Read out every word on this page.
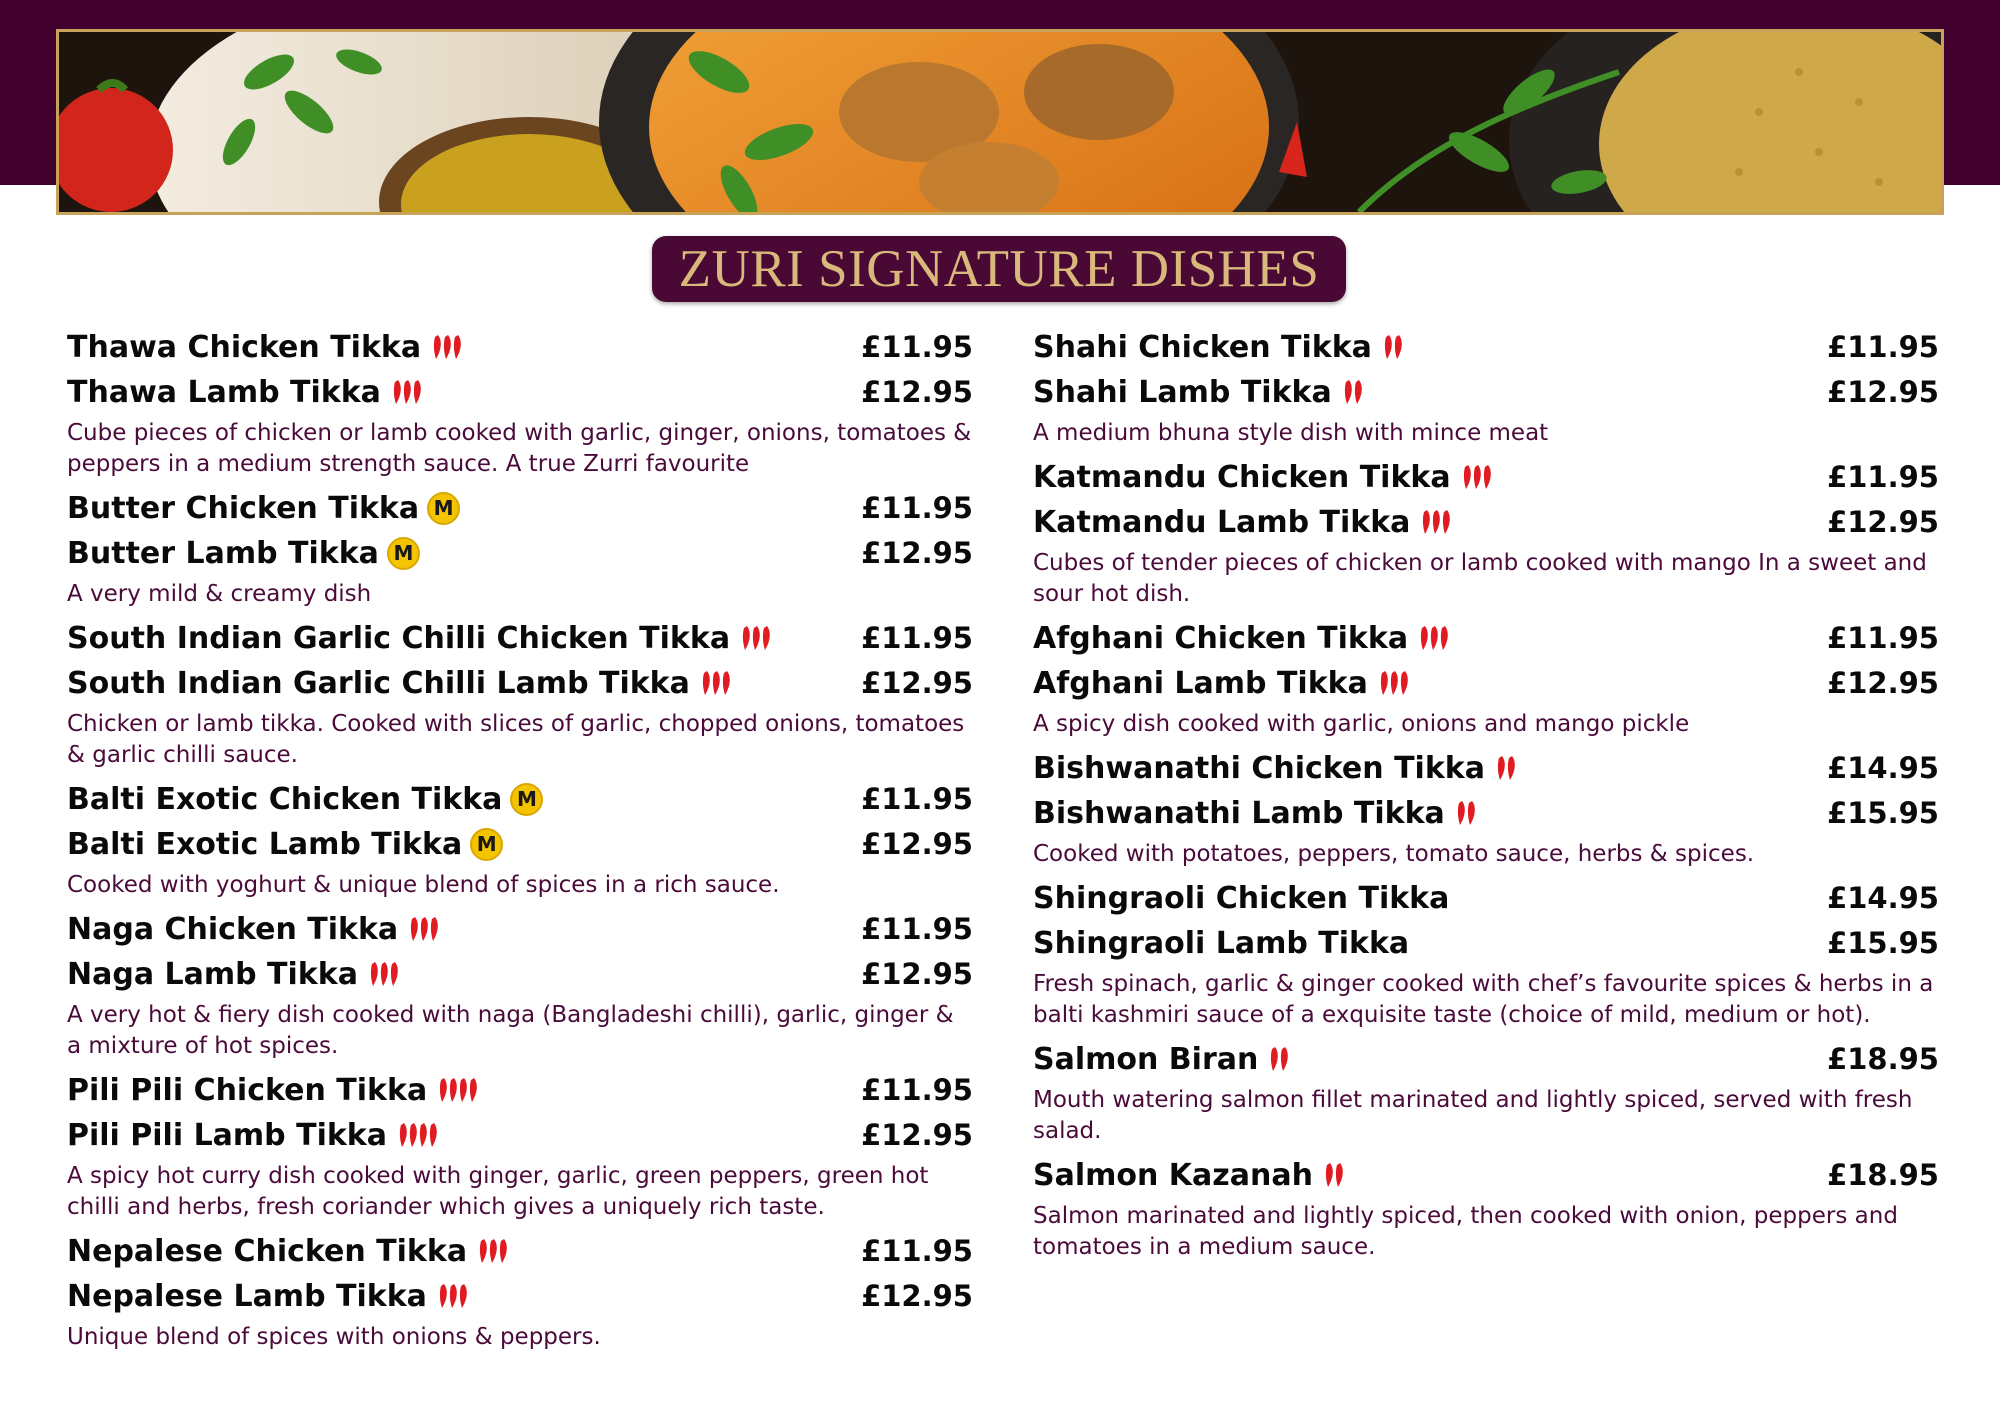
ZURI SIGNATURE DISHES
Thawa Chicken Tikka	£11.95
Thawa Lamb Tikka	£12.95
Cube pieces of chicken or lamb cooked with garlic, ginger, onions, tomatoes & peppers in a medium strength sauce. A true Zurri favourite
Butter Chicken Tikka M	£11.95
Butter Lamb Tikka M	£12.95
A very mild & creamy dish
South Indian Garlic Chilli Chicken Tikka	£11.95
South Indian Garlic Chilli Lamb Tikka	£12.95
Chicken or lamb tikka. Cooked with slices of garlic, chopped onions, tomatoes & garlic chilli sauce.
Balti Exotic Chicken Tikka M	£11.95
Balti Exotic Lamb Tikka M	£12.95
Cooked with yoghurt & unique blend of spices in a rich sauce.
Naga Chicken Tikka	£11.95
Naga Lamb Tikka	£12.95
A very hot & fiery dish cooked with naga (Bangladeshi chilli), garlic, ginger & a mixture of hot spices.
Pili Pili Chicken Tikka	£11.95
Pili Pili Lamb Tikka	£12.95
A spicy hot curry dish cooked with ginger, garlic, green peppers, green hot chilli and herbs, fresh coriander which gives a uniquely rich taste.
Nepalese Chicken Tikka	£11.95
Nepalese Lamb Tikka	£12.95
Unique blend of spices with onions & peppers.
Shahi Chicken Tikka	£11.95
Shahi Lamb Tikka	£12.95
A medium bhuna style dish with mince meat
Katmandu Chicken Tikka	£11.95
Katmandu Lamb Tikka	£12.95
Cubes of tender pieces of chicken or lamb cooked with mango In a sweet and sour hot dish.
Afghani Chicken Tikka	£11.95
Afghani Lamb Tikka	£12.95
A spicy dish cooked with garlic, onions and mango pickle
Bishwanathi Chicken Tikka	£14.95
Bishwanathi Lamb Tikka	£15.95
Cooked with potatoes, peppers, tomato sauce, herbs & spices.
Shingraoli Chicken Tikka	£14.95
Shingraoli Lamb Tikka	£15.95
Fresh spinach, garlic & ginger cooked with chef’s favourite spices & herbs in a balti kashmiri sauce of a exquisite taste (choice of mild, medium or hot).
Salmon Biran	£18.95
Mouth watering salmon fillet marinated and lightly spiced, served with fresh salad.
Salmon Kazanah	£18.95
Salmon marinated and lightly spiced, then cooked with onion, peppers and tomatoes in a medium sauce.
